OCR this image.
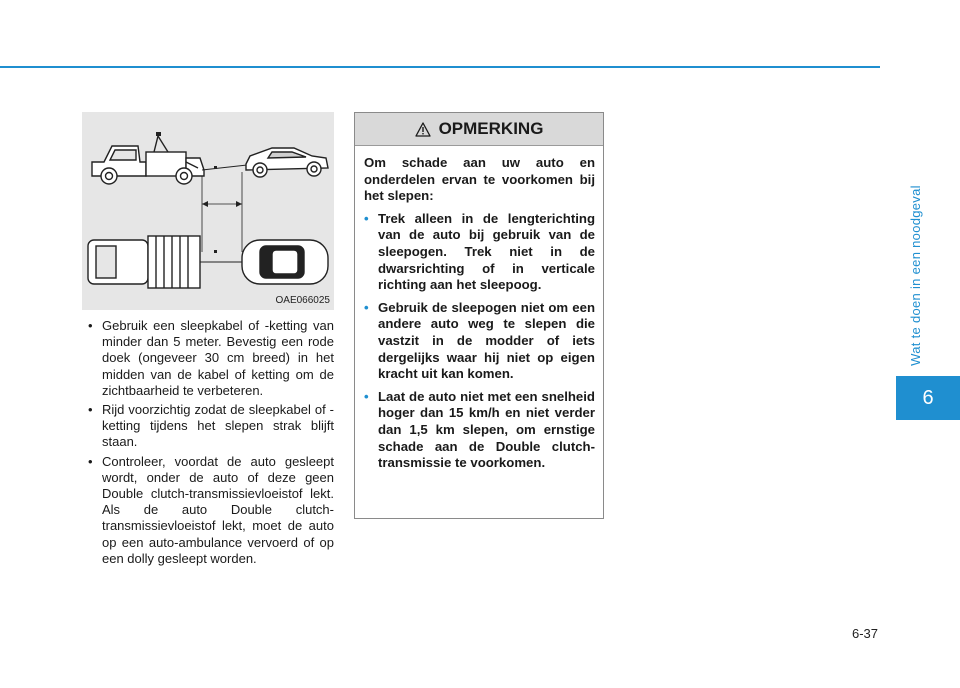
Wat te doen in een noodgeval
6
6-37
OAE066025
• Gebruik een sleepkabel of -ketting van minder dan 5 meter. Bevestig een rode doek (ongeveer 30 cm breed) in het midden van de kabel of ketting om de zichtbaarheid te verbeteren.
• Rijd voorzichtig zodat de sleepkabel of -ketting tijdens het slepen strak blijft staan.
• Controleer, voordat de auto gesleept wordt, onder de auto of deze geen Double clutch-transmissievloeistof lekt. Als de auto Double clutch-transmissievloeistof lekt, moet de auto op een auto-ambulance vervoerd of op een dolly gesleept worden.
OPMERKING

Om schade aan uw auto en onderdelen ervan te voorkomen bij het slepen:

• Trek alleen in de lengterichting van de auto bij gebruik van de sleepogen. Trek niet in de dwarsrichting of in verticale richting aan het sleepoog.
• Gebruik de sleepogen niet om een andere auto weg te slepen die vastzit in de modder of iets dergelijks waar hij niet op eigen kracht uit kan komen.
• Laat de auto niet met een snelheid hoger dan 15 km/h en niet verder dan 1,5 km slepen, om ernstige schade aan de Double clutch-transmissie te voorkomen.
